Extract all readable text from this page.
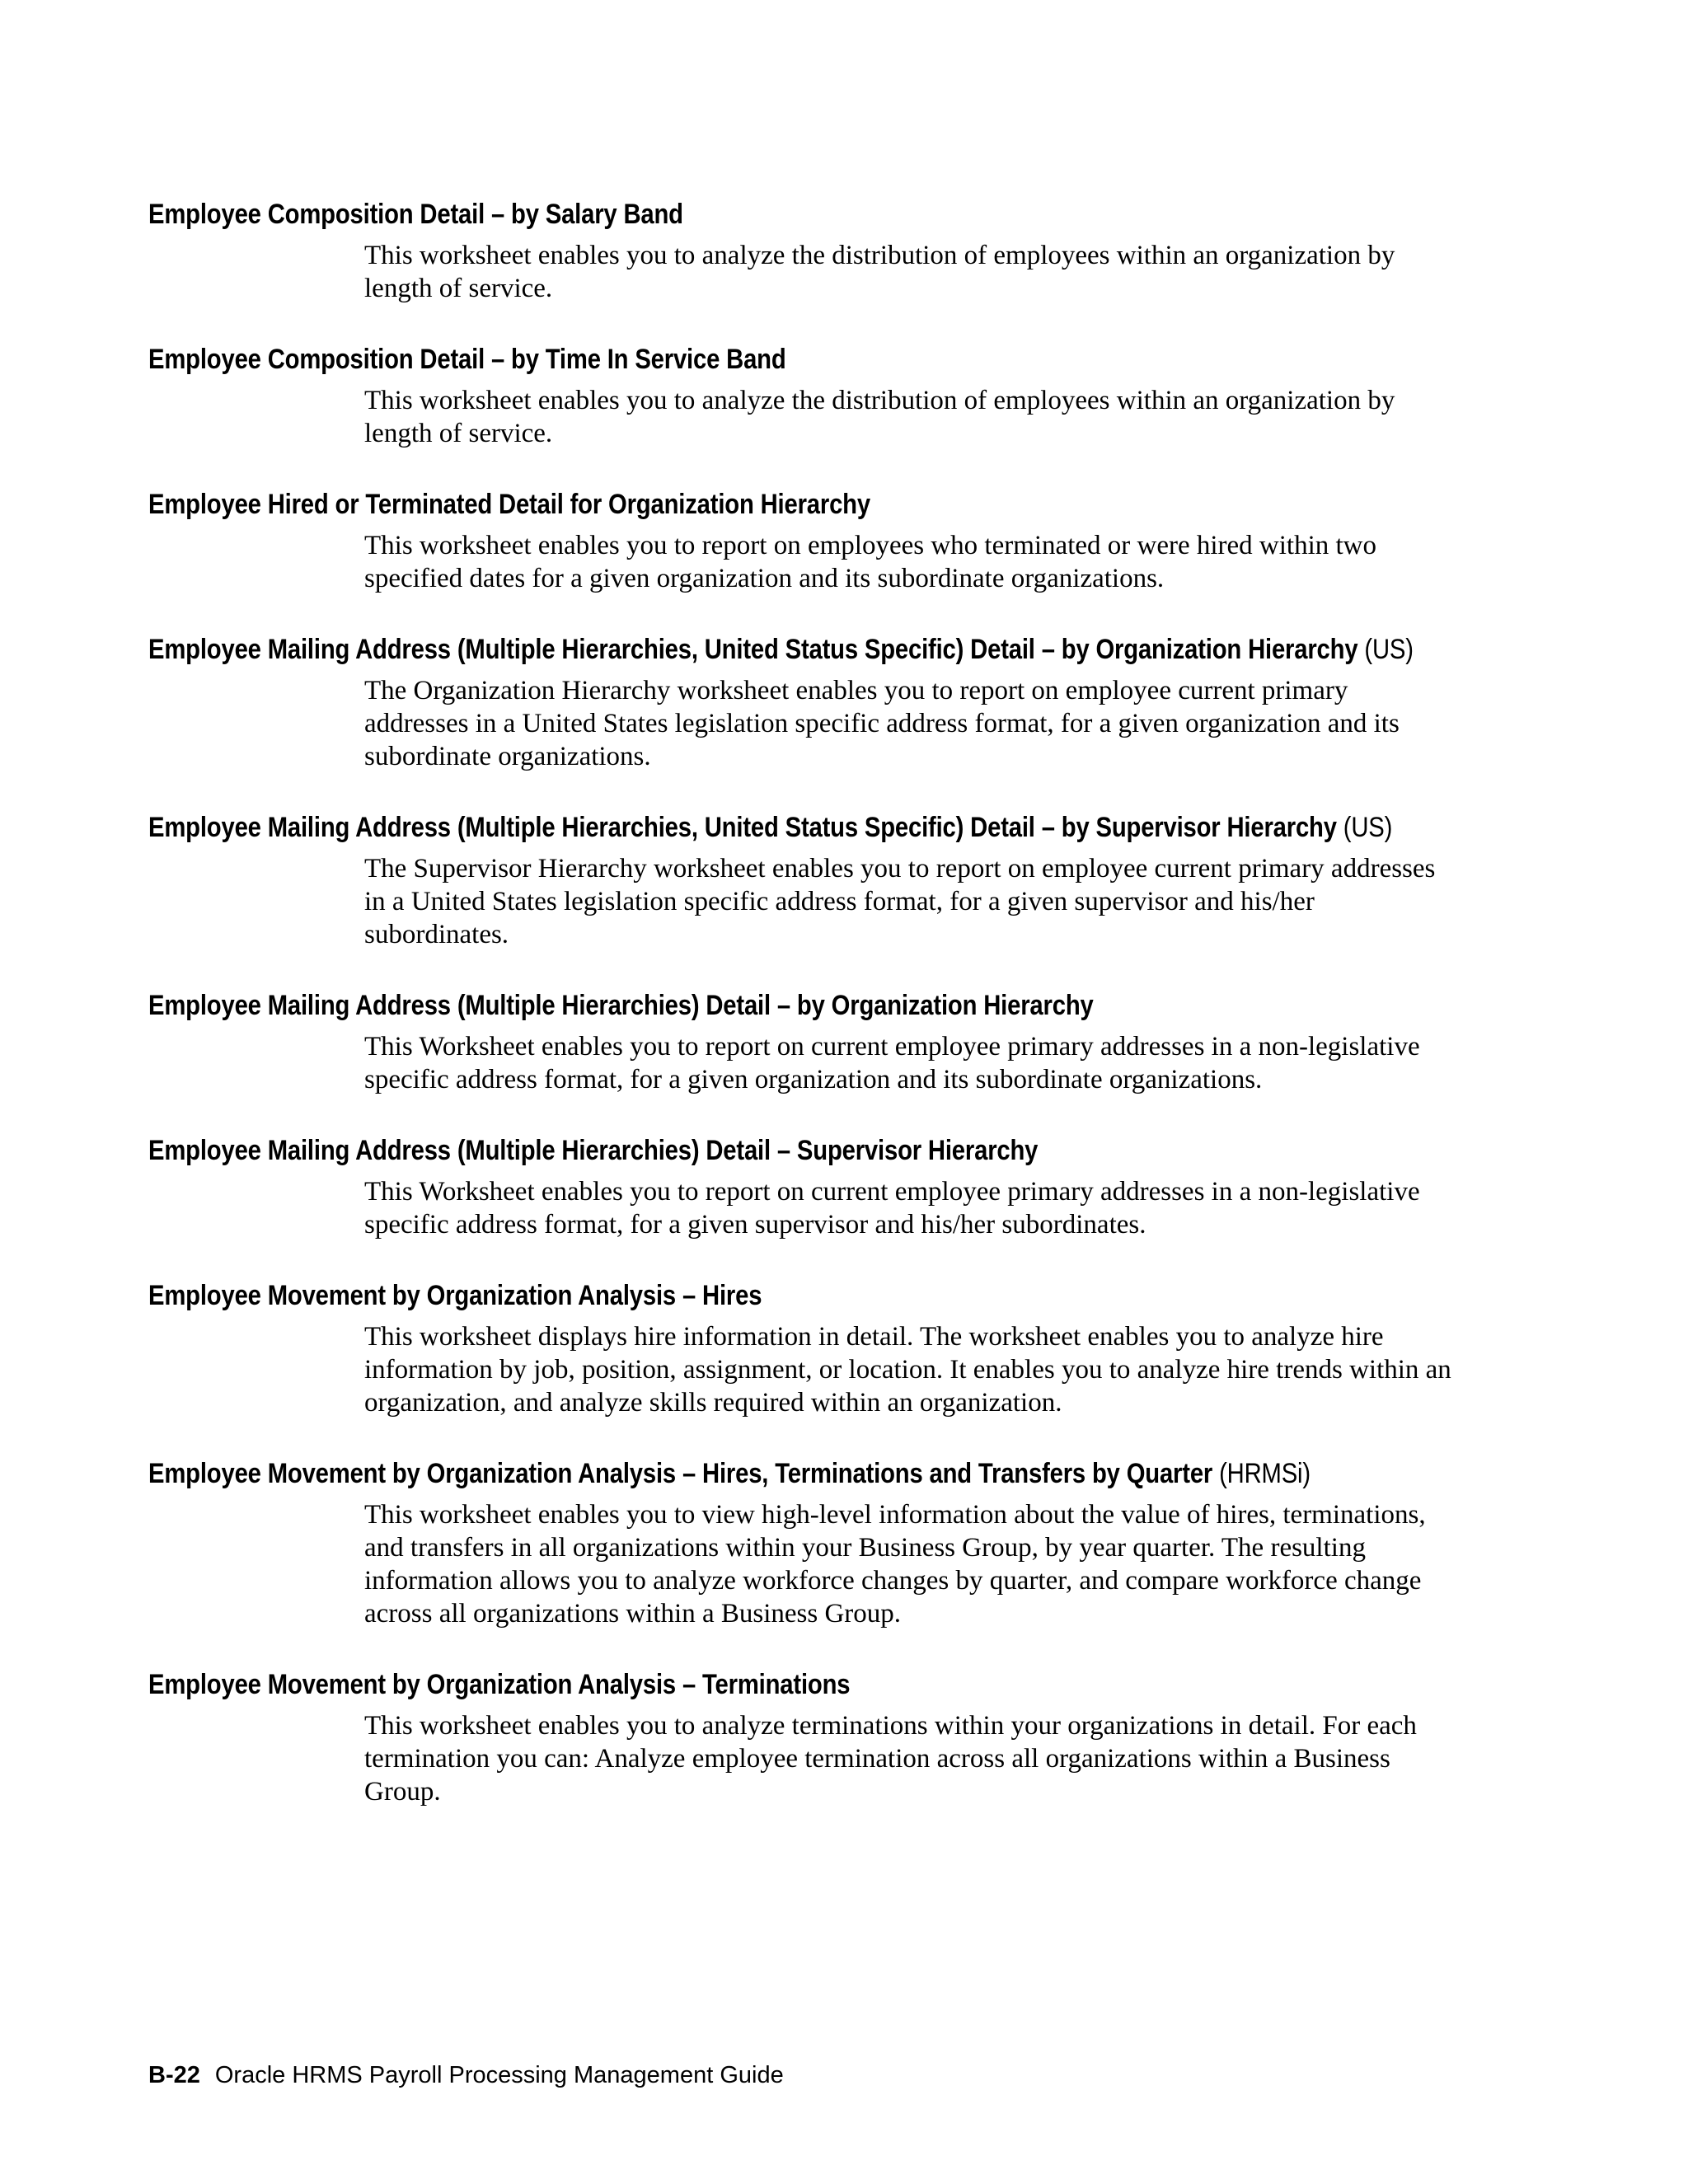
Employee Composition Detail – by Salary Band
This worksheet enables you to analyze the distribution of employees within an organization by length of service.
Employee Composition Detail – by Time In Service Band
This worksheet enables you to analyze the distribution of employees within an organization by length of service.
Employee Hired or Terminated Detail for Organization Hierarchy
This worksheet enables you to report on employees who terminated or were hired within two specified dates for a given organization and its subordinate organizations.
Employee Mailing Address (Multiple Hierarchies, United Status Specific) Detail – by Organization Hierarchy (US)
The Organization Hierarchy worksheet enables you to report on employee current primary addresses in a United States legislation specific address format, for a given organization and its subordinate organizations.
Employee Mailing Address (Multiple Hierarchies, United Status Specific) Detail – by Supervisor Hierarchy (US)
The Supervisor Hierarchy worksheet enables you to report on employee current primary addresses in a United States legislation specific address format, for a given supervisor and his/her subordinates.
Employee Mailing Address (Multiple Hierarchies) Detail – by Organization Hierarchy
This Worksheet enables you to report on current employee primary addresses in a non-legislative specific address format, for a given organization and its subordinate organizations.
Employee Mailing Address (Multiple Hierarchies) Detail – Supervisor Hierarchy
This Worksheet enables you to report on current employee primary addresses in a non-legislative specific address format, for a given supervisor and his/her subordinates.
Employee Movement by Organization Analysis – Hires
This worksheet displays hire information in detail. The worksheet enables you to analyze hire information by job, position, assignment, or location. It enables you to analyze hire trends within an organization, and analyze skills required within an organization.
Employee Movement by Organization Analysis – Hires, Terminations and Transfers by Quarter (HRMSi)
This worksheet enables you to view high-level information about the value of hires, terminations, and transfers in all organizations within your Business Group, by year quarter. The resulting information allows you to analyze workforce changes by quarter, and compare workforce change across all organizations within a Business Group.
Employee Movement by Organization Analysis – Terminations
This worksheet enables you to analyze terminations within your organizations in detail. For each termination you can: Analyze employee termination across all organizations within a Business Group.
B-22 Oracle HRMS Payroll Processing Management Guide
